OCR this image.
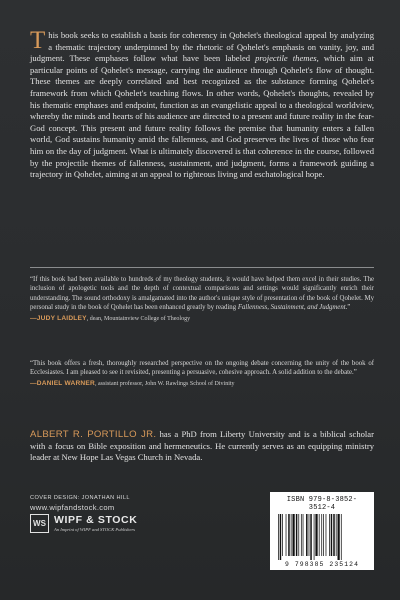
This book seeks to establish a basis for coherency in Qohelet's theological appeal by analyzing a thematic trajectory underpinned by the rhetoric of Qohelet's emphasis on vanity, joy, and judgment. These emphases follow what have been labeled projectile themes, which aim at particular points of Qohelet's message, carrying the audience through Qohelet's flow of thought. These themes are deeply correlated and best recognized as the substance forming Qohelet's framework from which Qohelet's teaching flows. In other words, Qohelet's thoughts, revealed by his thematic emphases and endpoint, function as an evangelistic appeal to a theological worldview, whereby the minds and hearts of his audience are directed to a present and future reality in the fear-God concept. This present and future reality follows the premise that humanity enters a fallen world, God sustains humanity amid the fallenness, and God preserves the lives of those who fear him on the day of judgment. What is ultimately discovered is that coherence in the course, followed by the projectile themes of fallenness, sustainment, and judgment, forms a framework guiding a trajectory in Qohelet, aiming at an appeal to righteous living and eschatological hope.
“If this book had been available to hundreds of my theology students, it would have helped them excel in their studies. The inclusion of apologetic tools and the depth of contextual comparisons and settings would significantly enrich their understanding. The sound orthodoxy is amalgamated into the author's unique style of presentation of the book of Qohelet. My personal study in the book of Qohelet has been enhanced greatly by reading Fallenness, Sustainment, and Judgment.”
—JUDY LAIDLEY, dean, Mountainview College of Theology
“This book offers a fresh, thoroughly researched perspective on the ongoing debate concerning the unity of the book of Ecclesiastes. I am pleased to see it revisited, presenting a persuasive, cohesive approach. A solid addition to the debate.”
—DANIEL WARNER, assistant professor, John W. Rawlings School of Divinity
ALBERT R. PORTILLO JR. has a PhD from Liberty University and is a biblical scholar with a focus on Bible exposition and hermeneutics. He currently serves as an equipping ministry leader at New Hope Las Vegas Church in Nevada.
COVER DESIGN: JONATHAN HILL
www.wipfandstock.com
WS WIPF & STOCK
An Imprint of WIPF and STOCK Publishers
ISBN 979-8-3852-3512-4
9 798385 235124
